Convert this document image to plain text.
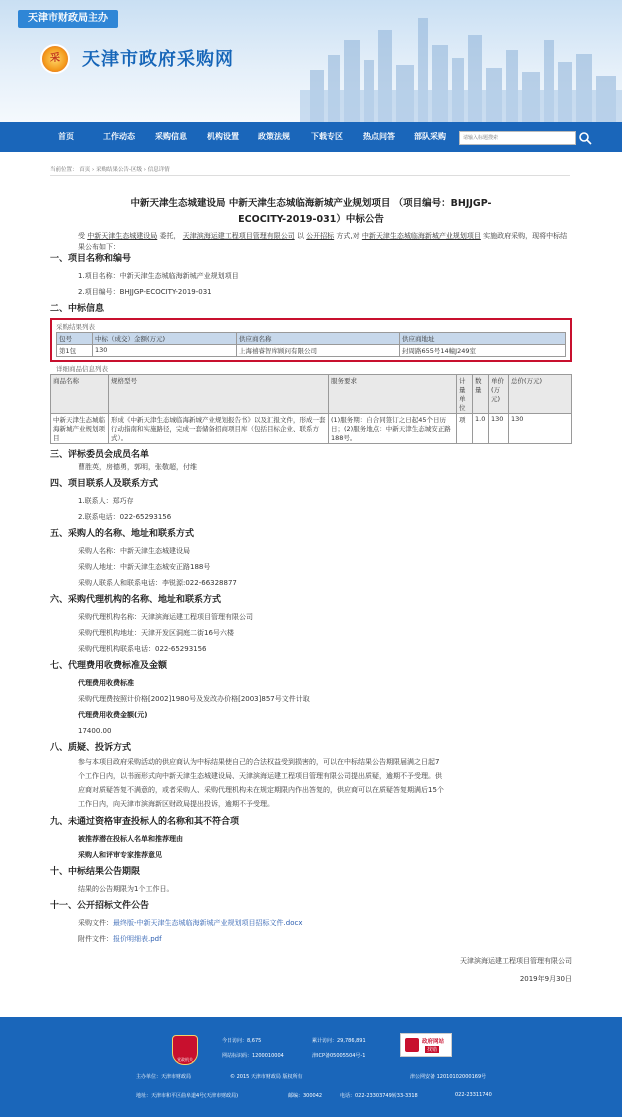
天津市财政局主办
采	天津市政府采购网
首页	工作动态	采购信息	机构设置 政策法规	下载专区	热点问答 部队采购
请输入标题搜索
当前位置： 首页 › 采购结果公告-区级 › 信息详情
中新天津生态城建设局 中新天津生态城临海新城产业规划项目 （项目编号：BHJJGP-
ECOCITY-2019-031）中标公告
受 中新天津生态城建设局 委托， 天津滨海运建工程项目管理有限公司 以 公开招标 方式,对 中新天津生态城临海新城产业规划项目 实施政府采购，现将中标结果公布如下：
一、项目名称和编号
1.项目名称：中新天津生态城临海新城产业规划项目
2.项目编号：BHJJGP-ECOCITY-2019-031
二、中标信息
采购结果列表
包号	中标（成交）金额(万元)	供应商名称	供应商地址
第1包	130	上海禧睿智库顾问有限公司	封周路655号14幢J249室
详细商品信息列表
商品名称	规格型号	服务要求	计量单位	数量	单价(万元)	总价(万元)
中新天津生态城临海新城产业规划项目	形成《中新天津生态城临海新城产业规划报告书》以及汇报文件，形成一套行动指南和实施路径，完成一套储备招商项目库（包括目标企业、联系方式）。	(1)服务期：自合同签订之日起45个日历日；(2)服务地点：中新天津生态城安正路188号。	项	1.0	130	130
三、评标委员会成员名单
曹胜英，房德勇，郭明，张敬超，付维
四、项目联系人及联系方式
1.联系人：郑巧存
2.联系电话：022-65293156
五、采购人的名称、地址和联系方式
采购人名称：中新天津生态城建设局
采购人地址：中新天津生态城安正路188号
采购人联系人和联系电话：李锐源:022-66328877
六、采购代理机构的名称、地址和联系方式
采购代理机构名称：天津滨海运建工程项目管理有限公司
采购代理机构地址：天津开发区洞庭二街16号六楼
采购代理机构联系电话：022-65293156
七、代理费用收费标准及金额
代理费用收费标准
采购代理费按照计价格[2002]1980号及发改办价格[2003]857号文件计取
代理费用收费金额(元)
17400.00
八、质疑、投诉方式
参与本项目政府采购活动的供应商认为中标结果使自己的合法权益受到损害的，可以在中标结果公告期限届满之日起7
个工作日内，以书面形式向中新天津生态城建设局、天津滨海运建工程项目管理有限公司提出质疑，逾期不予受理。供
应商对质疑答复不满意的，或者采购人、采购代理机构未在规定期限内作出答复的，供应商可以在质疑答复期满后15个
工作日内，向天津市滨海新区财政局提出投诉，逾期不予受理。
九、未通过资格审查投标人的名称和其不符合项
被推荐潜在投标人名单和推荐理由
采购人和评审专家推荐意见
十、中标结果公告期限
结果的公告期限为1个工作日。
十一、公开招标文件公告
采购文件：最终版-中新天津生态城临海新城产业规划项目招标文件.docx
附件文件：报价明细表.pdf
天津滨海运建工程项目管理有限公司
2019年9月30日
党政机关
今日访问：8,675	累计访问：29,786,891
网站标识码：1200010004	津ICP备05005504号-1
政府网站
找错
主办单位：天津市财政局	© 2015 天津市财政局 版权所有	津公网安备 12010102000169号
地址：天津市和平区曲阜道4号(天津市财政局)	邮编：300042	电话：022-23303749转33-3318	022-23311740
